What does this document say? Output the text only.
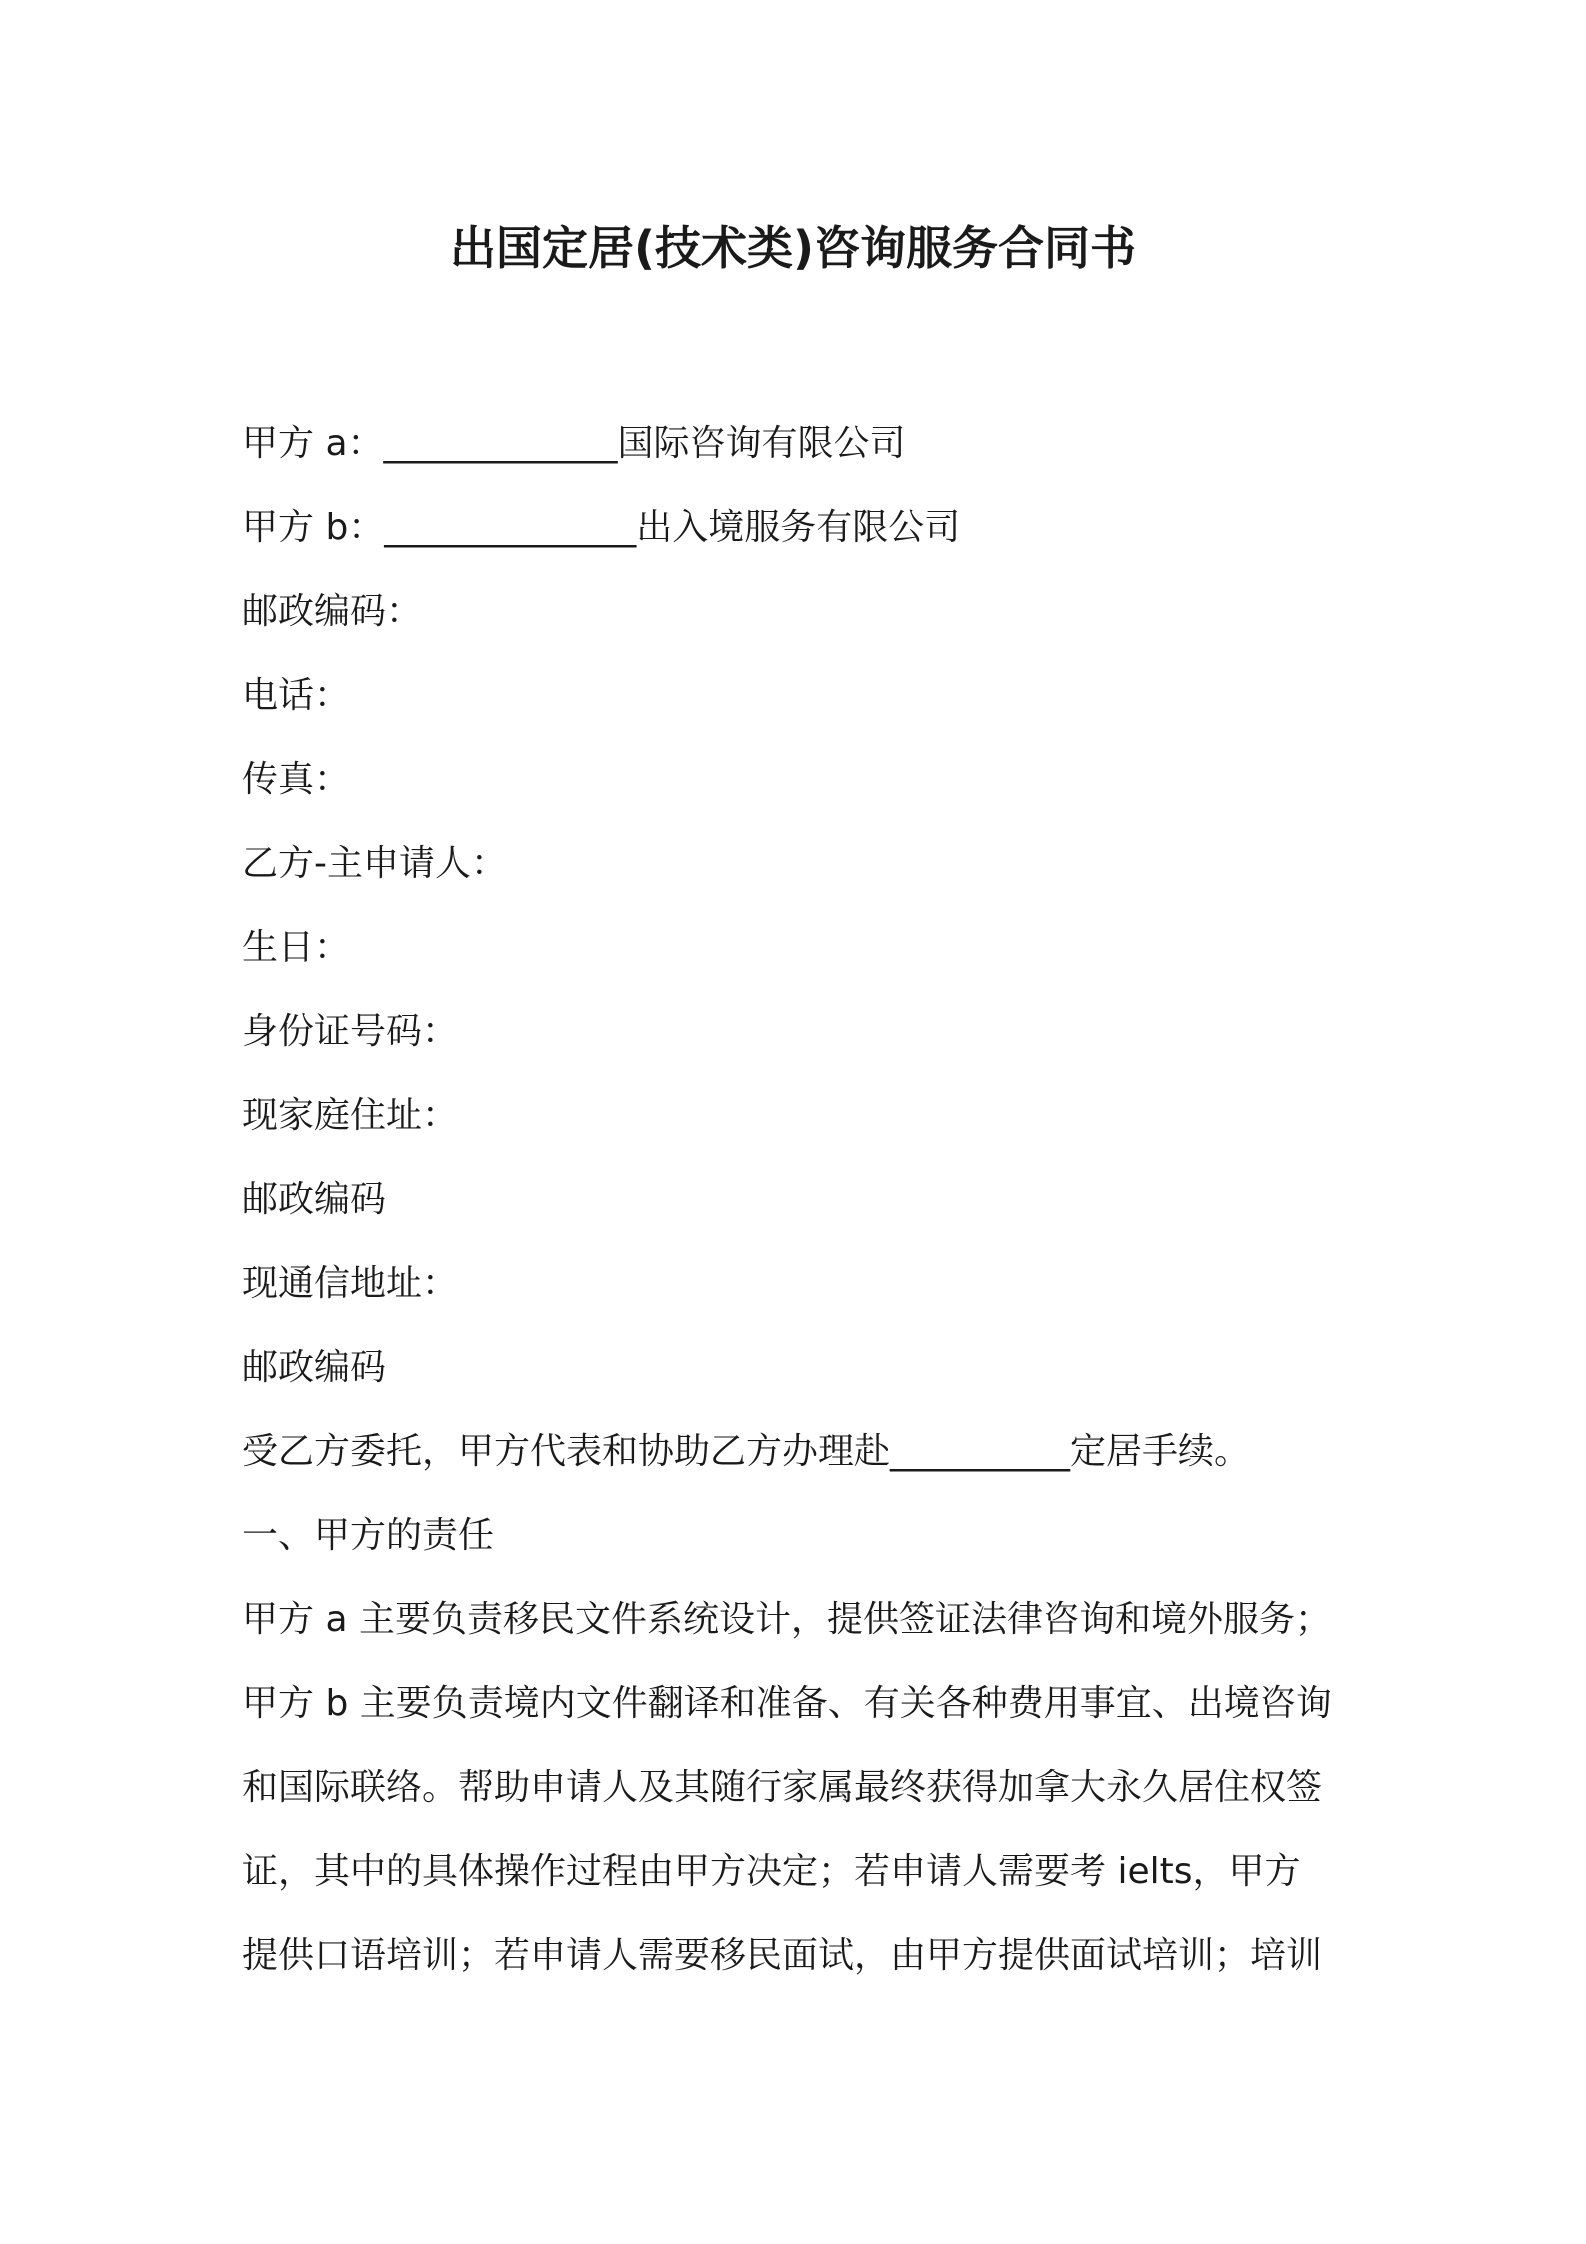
出国定居(技术类)咨询服务合同书
甲方 a：_____________国际咨询有限公司
甲方 b：______________出入境服务有限公司
邮政编码：
电话：
传真：
乙方-主申请人：
生日：
身份证号码：
现家庭住址：
邮政编码
现通信地址：
邮政编码
受乙方委托，甲方代表和协助乙方办理赴__________定居手续。
一、甲方的责任
甲方 a 主要负责移民文件系统设计，提供签证法律咨询和境外服务；
甲方 b 主要负责境内文件翻译和准备、有关各种费用事宜、出境咨询
和国际联络。帮助申请人及其随行家属最终获得加拿大永久居住权签
证，其中的具体操作过程由甲方决定；若申请人需要考 ielts，甲方
提供口语培训；若申请人需要移民面试，由甲方提供面试培训；培训
